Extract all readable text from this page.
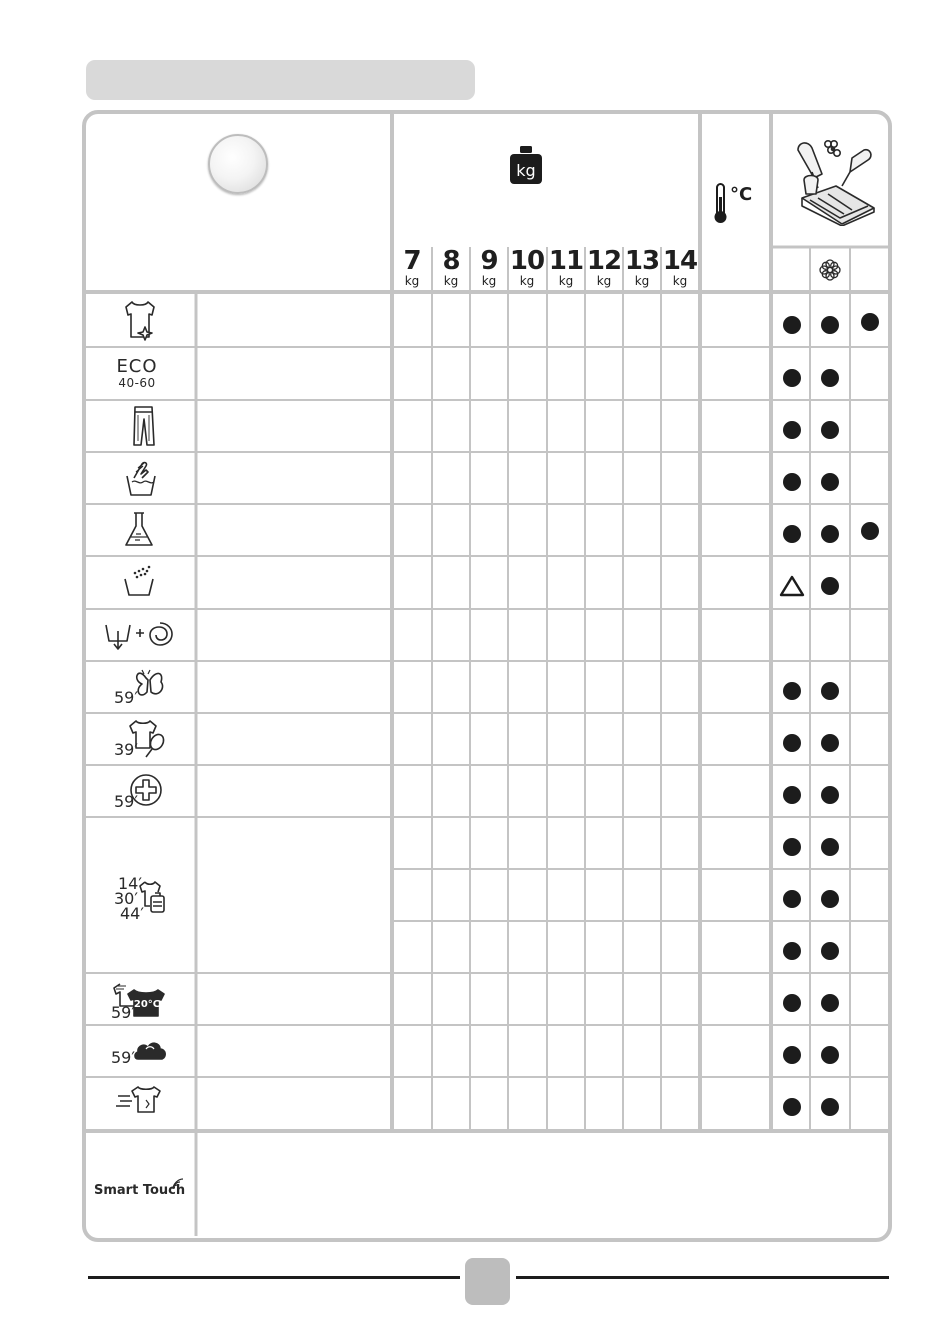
kg
°C
7
kg
8
kg
9
kg
10
kg
11
kg
12
kg
13
kg
14
kg
ECO
40-60
59′
39′
59′
14′
30′
44′
20°C
59′
59′
Smart Touch
